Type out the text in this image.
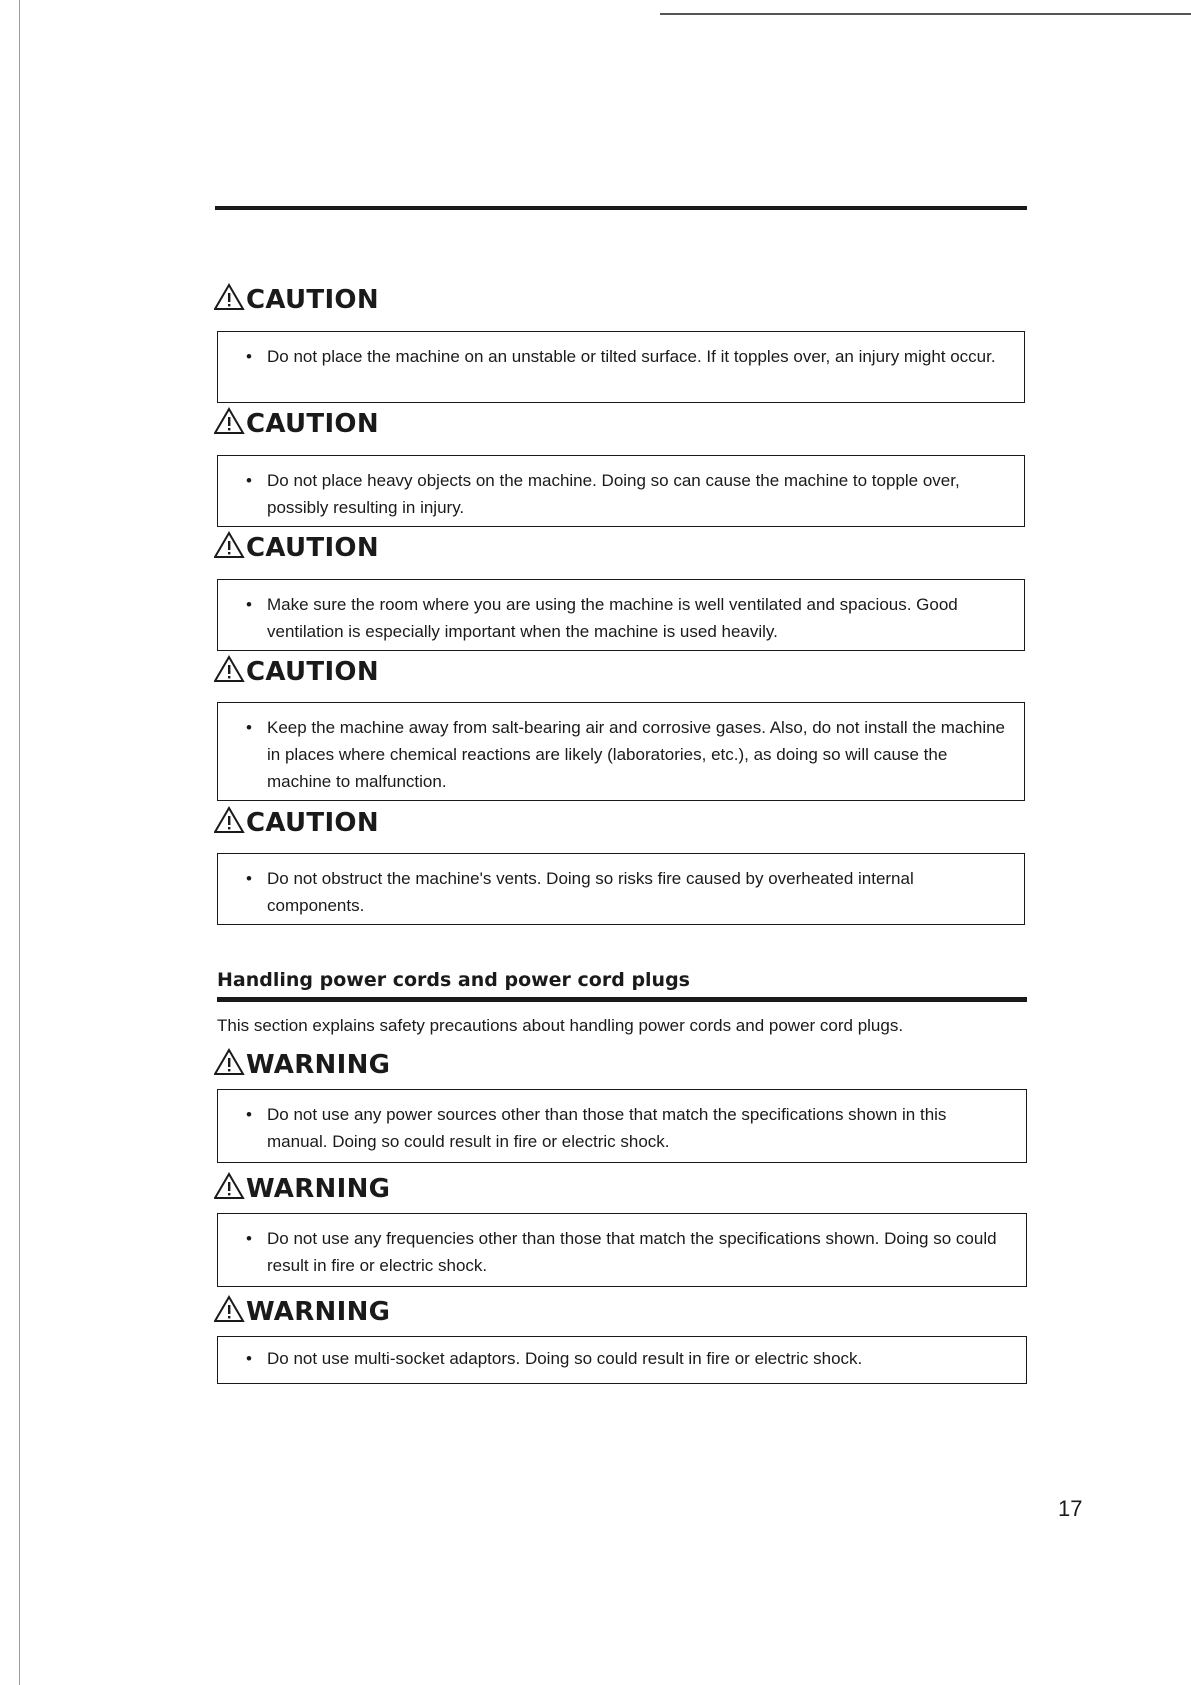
CAUTION
• Do not place the machine on an unstable or tilted surface. If it topples over, an injury might occur.
CAUTION
• Do not place heavy objects on the machine. Doing so can cause the machine to topple over, possibly resulting in injury.
CAUTION
• Make sure the room where you are using the machine is well ventilated and spacious. Good ventilation is especially important when the machine is used heavily.
CAUTION
• Keep the machine away from salt-bearing air and corrosive gases. Also, do not install the machine in places where chemical reactions are likely (laboratories, etc.), as doing so will cause the machine to malfunction.
CAUTION
• Do not obstruct the machine's vents. Doing so risks fire caused by overheated internal components.
Handling power cords and power cord plugs
This section explains safety precautions about handling power cords and power cord plugs.
WARNING
• Do not use any power sources other than those that match the specifications shown in this manual. Doing so could result in fire or electric shock.
WARNING
• Do not use any frequencies other than those that match the specifications shown. Doing so could result in fire or electric shock.
WARNING
• Do not use multi-socket adaptors. Doing so could result in fire or electric shock.
17
